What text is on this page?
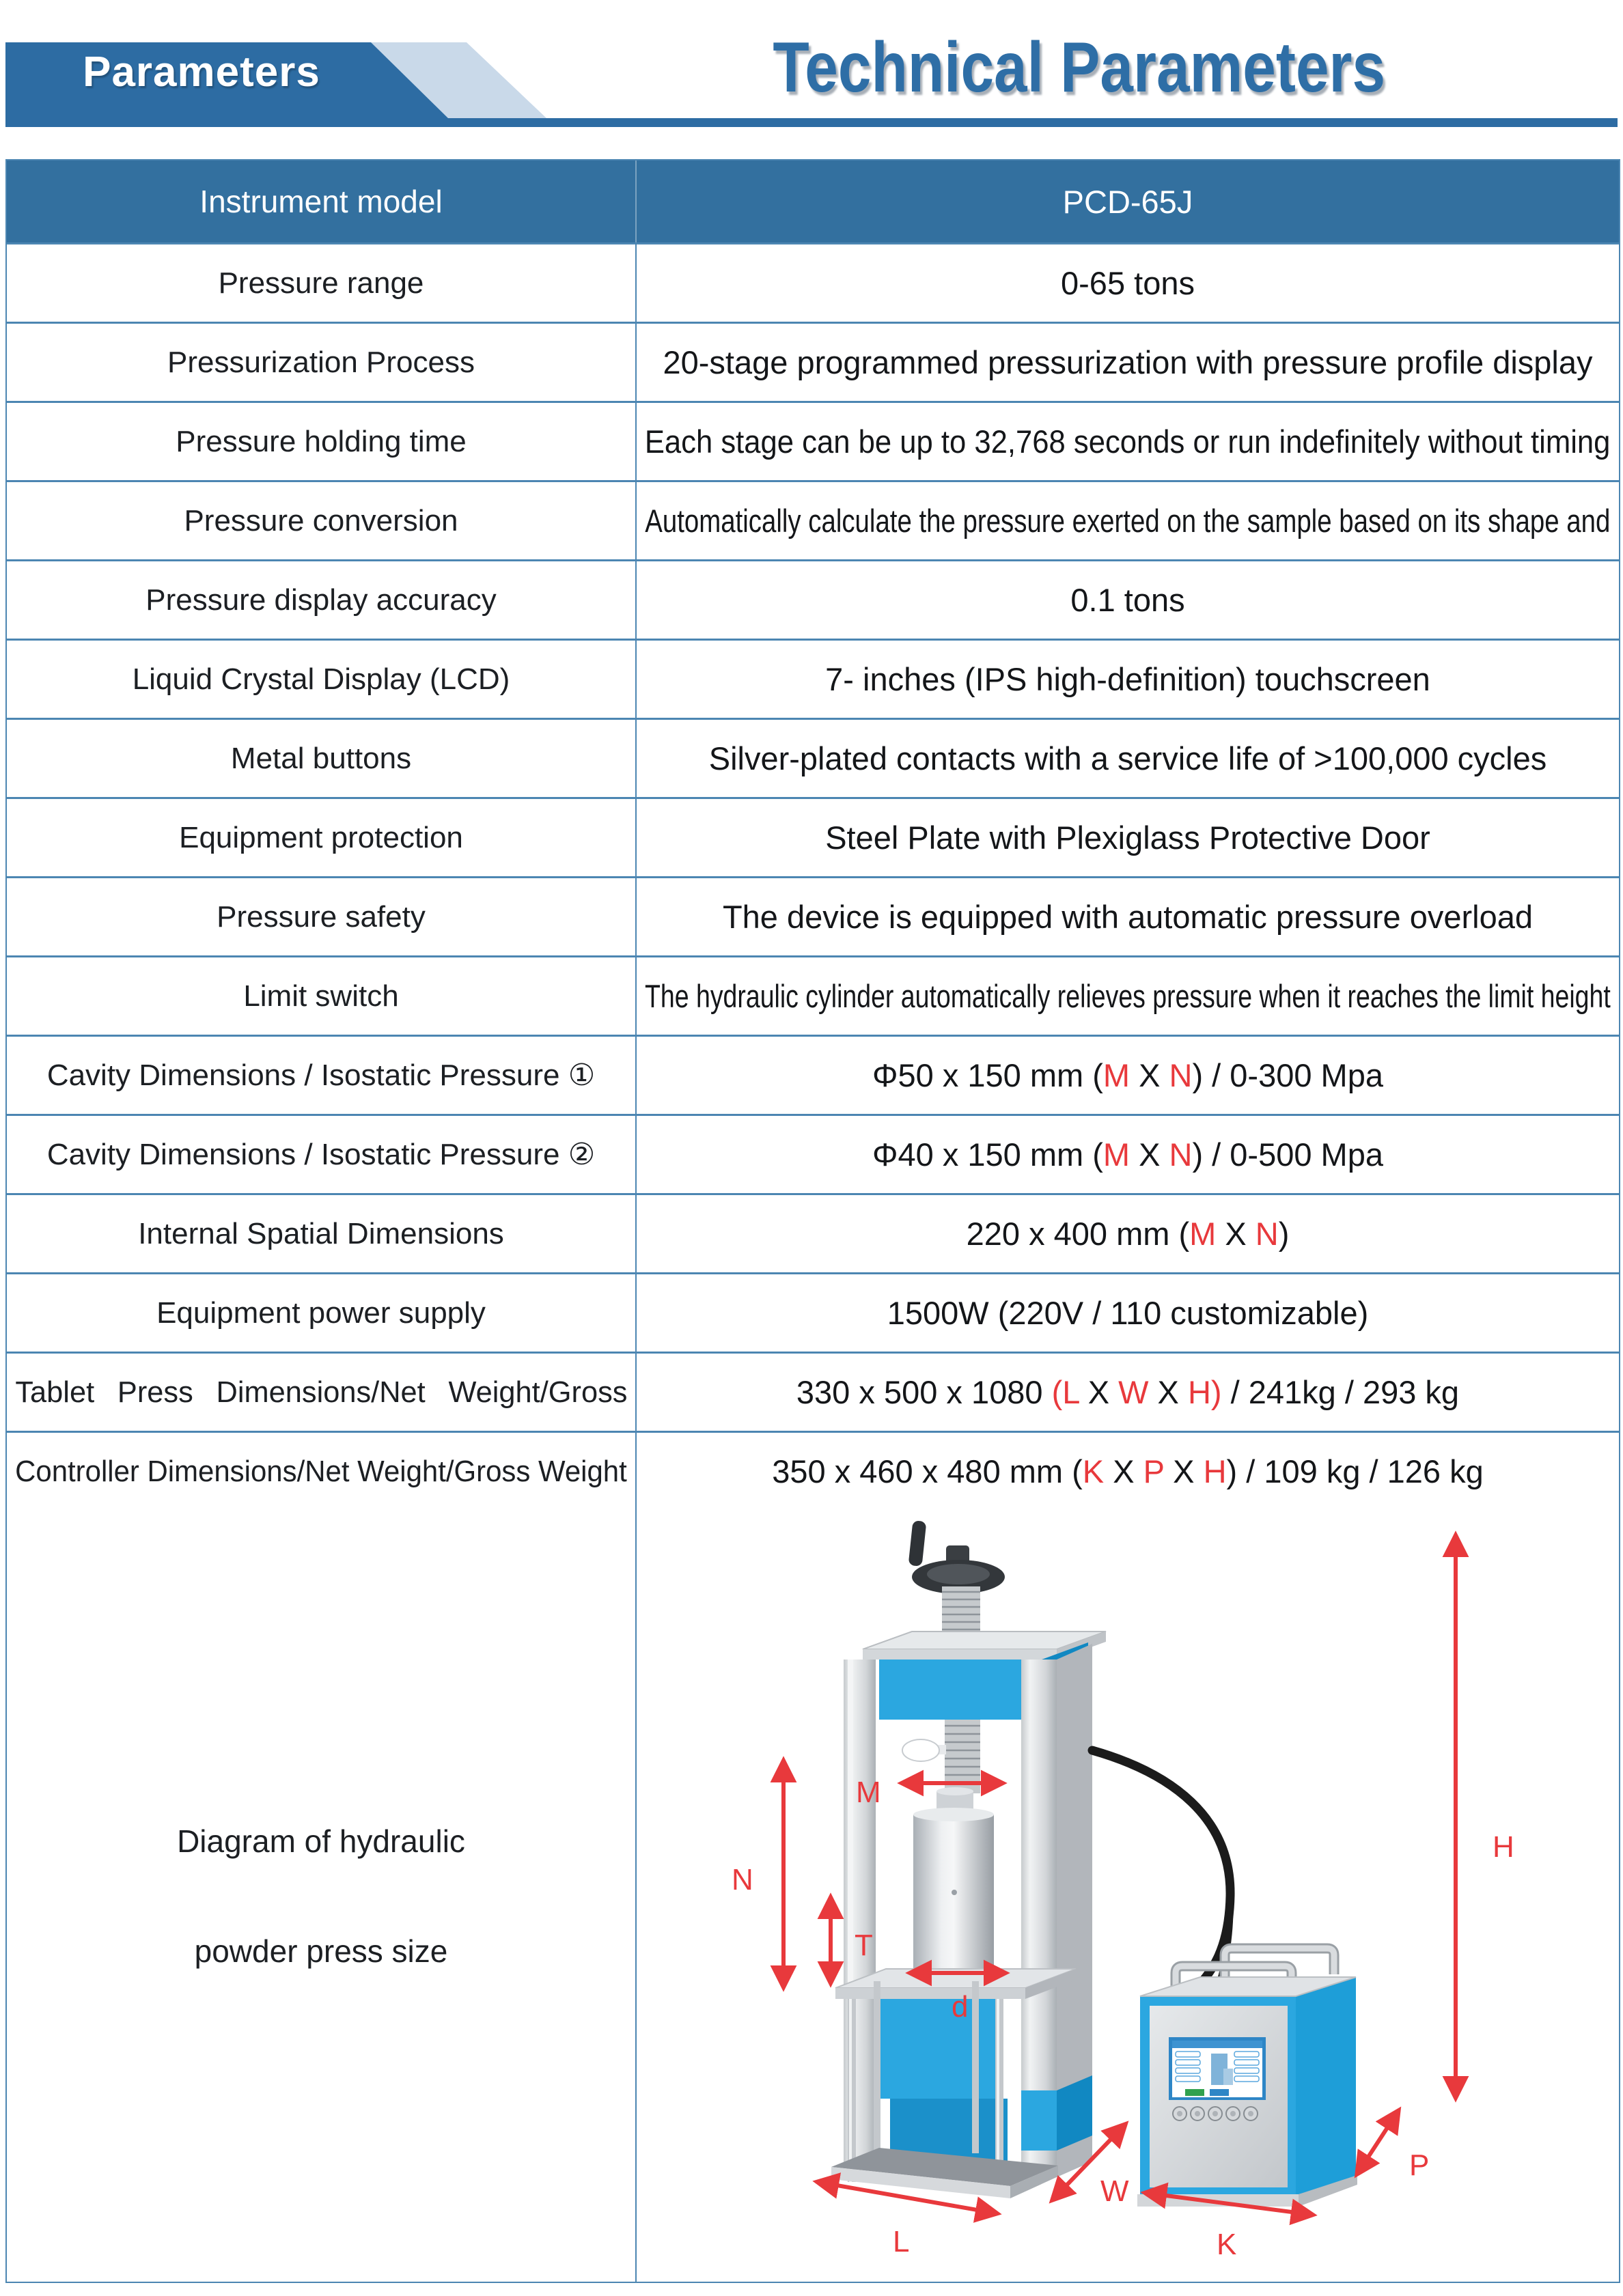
Parameters	Technical Parameters
Instrument model	PCD-65J
Pressure range	0-65 tons
Pressurization Process	20-stage programmed pressurization with pressure profile display
Pressure holding time	Each stage can be up to 32,768 seconds or run indefinitely without timing
Pressure conversion	Automatically calculate the pressure exerted on the sample based on its shape and
Pressure display accuracy	0.1 tons
Liquid Crystal Display (LCD)	7- inches (IPS high-definition) touchscreen
Metal buttons	Silver-plated contacts with a service life of >100,000 cycles
Equipment protection	Steel Plate with Plexiglass Protective Door
Pressure safety	The device is equipped with automatic pressure overload
Limit switch	The hydraulic cylinder automatically relieves pressure when it reaches the limit height
Cavity Dimensions / Isostatic Pressure ①	Φ50 x 150 mm (M X N) / 0-300 Mpa
Cavity Dimensions / Isostatic Pressure ②	Φ40 x 150 mm (M X N) / 0-500 Mpa
Internal Spatial Dimensions	220 x 400 mm (M X N)
Equipment power supply	1500W (220V / 110 customizable)
Tablet Press Dimensions/Net Weight/Gross	330 x 500 x 1080 (L X W X H) / 241kg / 293 kg
Controller Dimensions/Net Weight/Gross Weight	350 x 460 x 480 mm (K X P X H) / 109 kg / 126 kg

Diagram of hydraulic

powder press size

N
M
T
d
H
W
L	K
P
